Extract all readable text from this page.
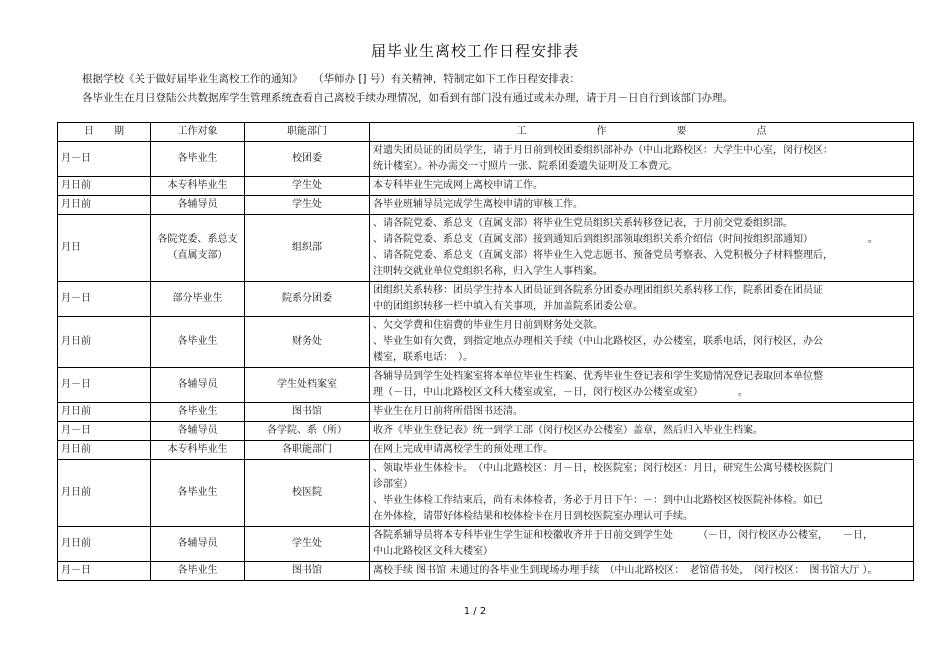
届毕业生离校工作日程安排表
根据学校《关于做好届毕业生离校工作的通知》　　（华师办 [] 号）有关精神，特制定如下工作日程安排表：
各毕业生在月日登陆公共数据库学生管理系统查看自己离校手续办理情况，如看到有部门没有通过或未办理，请于月－日自行到该部门办理。
日　　期	工作对象	职能部门	工　　　　　　　作　　　　　　　要　　　　　　　点
月－日	各毕业生	校团委	对遗失团员证的团员学生，请于月日前到校团委组织部补办（中山北路校区：大学生中心室，闵行校区：
统计楼室）。补办需交一寸照片一张、院系团委遗失证明及工本费元。

月日前	本专科毕业生	学生处	本专科毕业生完成网上离校申请工作。

月日前	各辅导员	学生处	各毕业班辅导员完成学生离校申请的审核工作。

月日	各院党委、系总支（直属支部）	组织部	、请各院党委、系总支（直属支部）将毕业生党员组织关系转移登记表，于月前交党委组织部。
、请各院党委、系总支（直属支部）接到通知后到组织部领取组织关系介绍信（时间按组织部通知）　　　　　　。
、请各院党委、系总支（直属支部）将毕业生入党志愿书、预备党员考察表、入党积极分子材料整理后，
注明转交就业单位党组织名称，归入学生人事档案。

月－日	部分毕业生	院系分团委	团组织关系转移：团员学生持本人团员证到各院系分团委办理团组织关系转移工作，院系团委在团员证
中的团组织转移一栏中填入有关事项，并加盖院系团委公章。

月日前	各毕业生	财务处	、欠交学费和住宿费的毕业生月日前到财务处交款。
、毕业生如有欠费，到指定地点办理相关手续（中山北路校区，办公楼室，联系电话，闵行校区，办公
楼室，联系电话：　）。

月－日	各辅导员	学生处档案室	各辅导员到学生处档案室将本单位毕业生档案、优秀毕业生登记表和学生奖励情况登记表取回本单位整
理（－日，中山北路校区文科大楼室或室，－日，闵行校区办公楼室或室）　　　　。

月日前	各毕业生	图书馆	毕业生在月日前将所借图书还清。

月－日	各辅导员	各学院、系（所）	收齐《毕业生登记表》统一到学工部（闵行校区办公楼室）盖章，然后归入毕业生档案。

月日前	本专科毕业生	各职能部门	在网上完成申请离校学生的预处理工作。

月日前	各毕业生	校医院	、领取毕业生体检卡。　（中山北路校区：月－日，校医院室；闵行校区：月日，研究生公寓号楼校医院门
诊部室）
、毕业生体检工作结束后，尚有未体检者，务必于月日下午：－：到中山北路校区校医院补体检。如已
在外体检，请带好体检结果和校体检卡在月日到校医院室办理认可手续。

月日前	各辅导员	学生处	各院系辅导员将本专科毕业生学生证和校徽收齐并于日前交到学生处　　　（－日，闵行校区办公楼室，　　－日，
中山北路校区文科大楼室）

月－日	各毕业生	图书馆	离校手续 图书馆 未通过的各毕业生到现场办理手续　（中山北路校区：　老馆借书处，　闵行校区：　图书馆大厅 ）。
1 / 2
